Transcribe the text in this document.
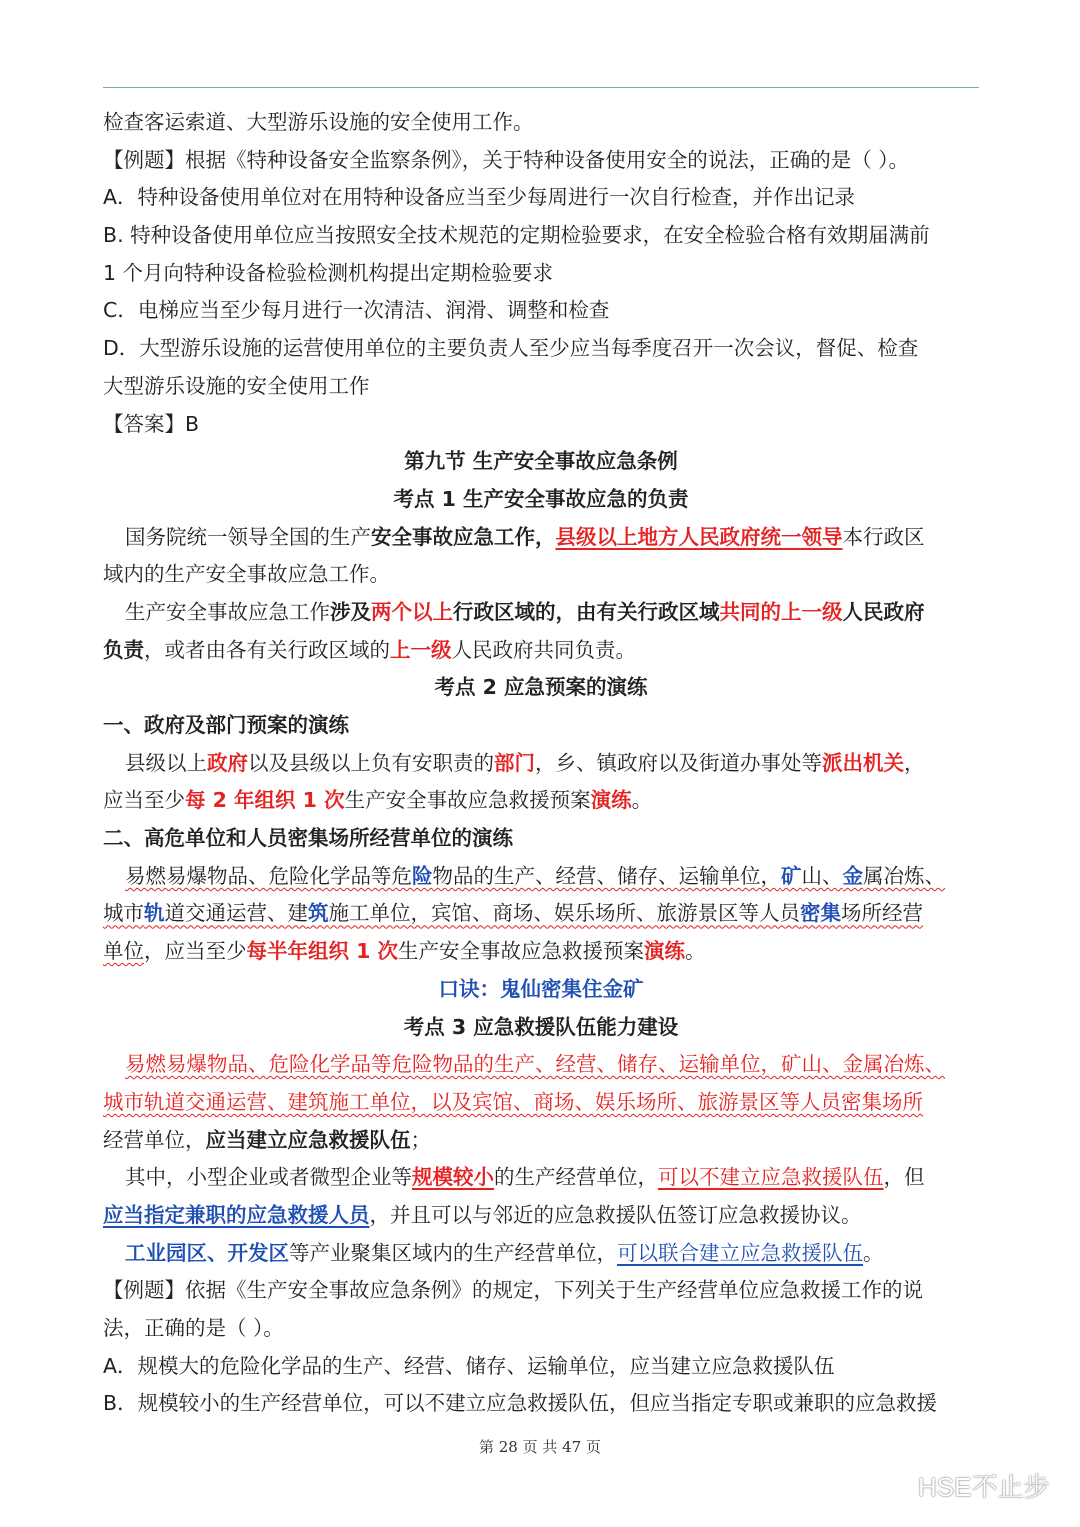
检查客运索道、大型游乐设施的安全使用工作。
【例题】根据《特种设备安全监察条例》，关于特种设备使用安全的说法，正确的是（ ）。
A．特种设备使用单位对在用特种设备应当至少每周进行一次自行检查，并作出记录
B. 特种设备使用单位应当按照安全技术规范的定期检验要求，在安全检验合格有效期届满前
1 个月向特种设备检验检测机构提出定期检验要求
C．电梯应当至少每月进行一次清洁、润滑、调整和检查
D．大型游乐设施的运营使用单位的主要负责人至少应当每季度召开一次会议，督促、检查
大型游乐设施的安全使用工作
【答案】B
第九节 生产安全事故应急条例
考点 1 生产安全事故应急的负责
国务院统一领导全国的生产安全事故应急工作，县级以上地方人民政府统一领导本行政区
域内的生产安全事故应急工作。
生产安全事故应急工作涉及两个以上行政区域的，由有关行政区域共同的上一级人民政府
负责，或者由各有关行政区域的上一级人民政府共同负责。
考点 2 应急预案的演练
一、政府及部门预案的演练
县级以上政府以及县级以上负有安职责的部门，乡、镇政府以及街道办事处等派出机关，
应当至少每 2 年组织 1 次生产安全事故应急救援预案演练。
二、高危单位和人员密集场所经营单位的演练
易燃易爆物品、危险化学品等危险物品的生产、经营、储存、运输单位，矿山、金属冶炼、
城市轨道交通运营、建筑施工单位，宾馆、商场、娱乐场所、旅游景区等人员密集场所经营
单位，应当至少每半年组织 1 次生产安全事故应急救援预案演练。
口诀：鬼仙密集住金矿
考点 3 应急救援队伍能力建设
易燃易爆物品、危险化学品等危险物品的生产、经营、储存、运输单位，矿山、金属冶炼、
城市轨道交通运营、建筑施工单位，以及宾馆、商场、娱乐场所、旅游景区等人员密集场所
经营单位，应当建立应急救援队伍；
其中，小型企业或者微型企业等规模较小的生产经营单位，可以不建立应急救援队伍，但
应当指定兼职的应急救援人员，并且可以与邻近的应急救援队伍签订应急救援协议。
工业园区、开发区等产业聚集区域内的生产经营单位，可以联合建立应急救援队伍。
【例题】依据《生产安全事故应急条例》的规定，下列关于生产经营单位应急救援工作的说
法，正确的是（ ）。
A．规模大的危险化学品的生产、经营、储存、运输单位，应当建立应急救援队伍
B．规模较小的生产经营单位，可以不建立应急救援队伍，但应当指定专职或兼职的应急救援
第 28 页 共 47 页
HSE不止步
